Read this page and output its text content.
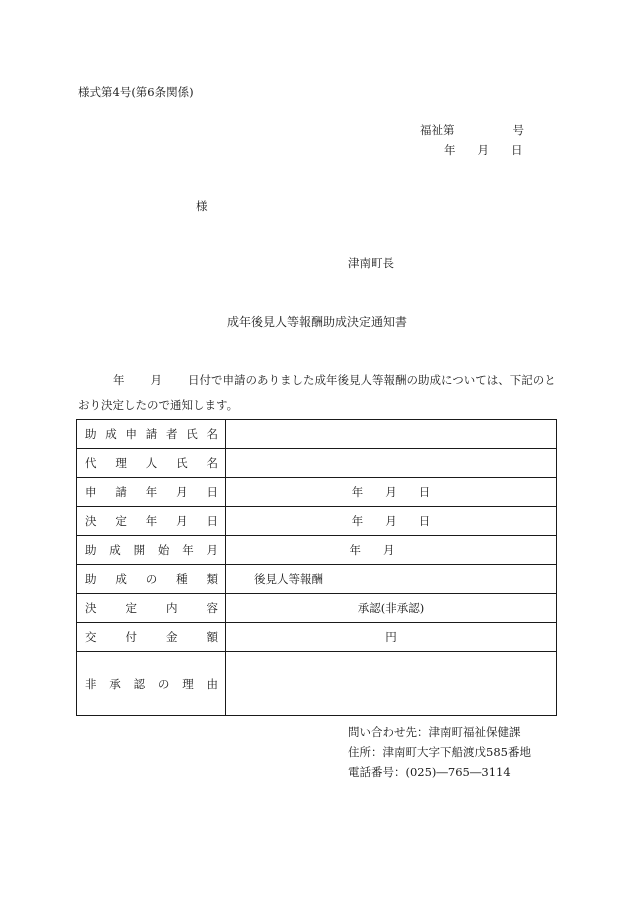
様式第4号(第6条関係)
福祉第	号
年 月 日
様
津南町長
成年後見人等報酬助成決定通知書
年 月 日付で申請のありました成年後見人等報酬の助成については、下記のとおり決定したので通知します。
助成申請者氏名	
代理人氏名	
申請年月日	年 月 日
決定年月日	年 月 日
助成開始年月	年 月
助成の種類	後見人等報酬
決定内容	承認(非承認)
交付金額	円
非承認の理由	
問い合わせ先：津南町福祉保健課
住所：津南町大字下船渡戊585番地
電話番号：(025)―765―3114
